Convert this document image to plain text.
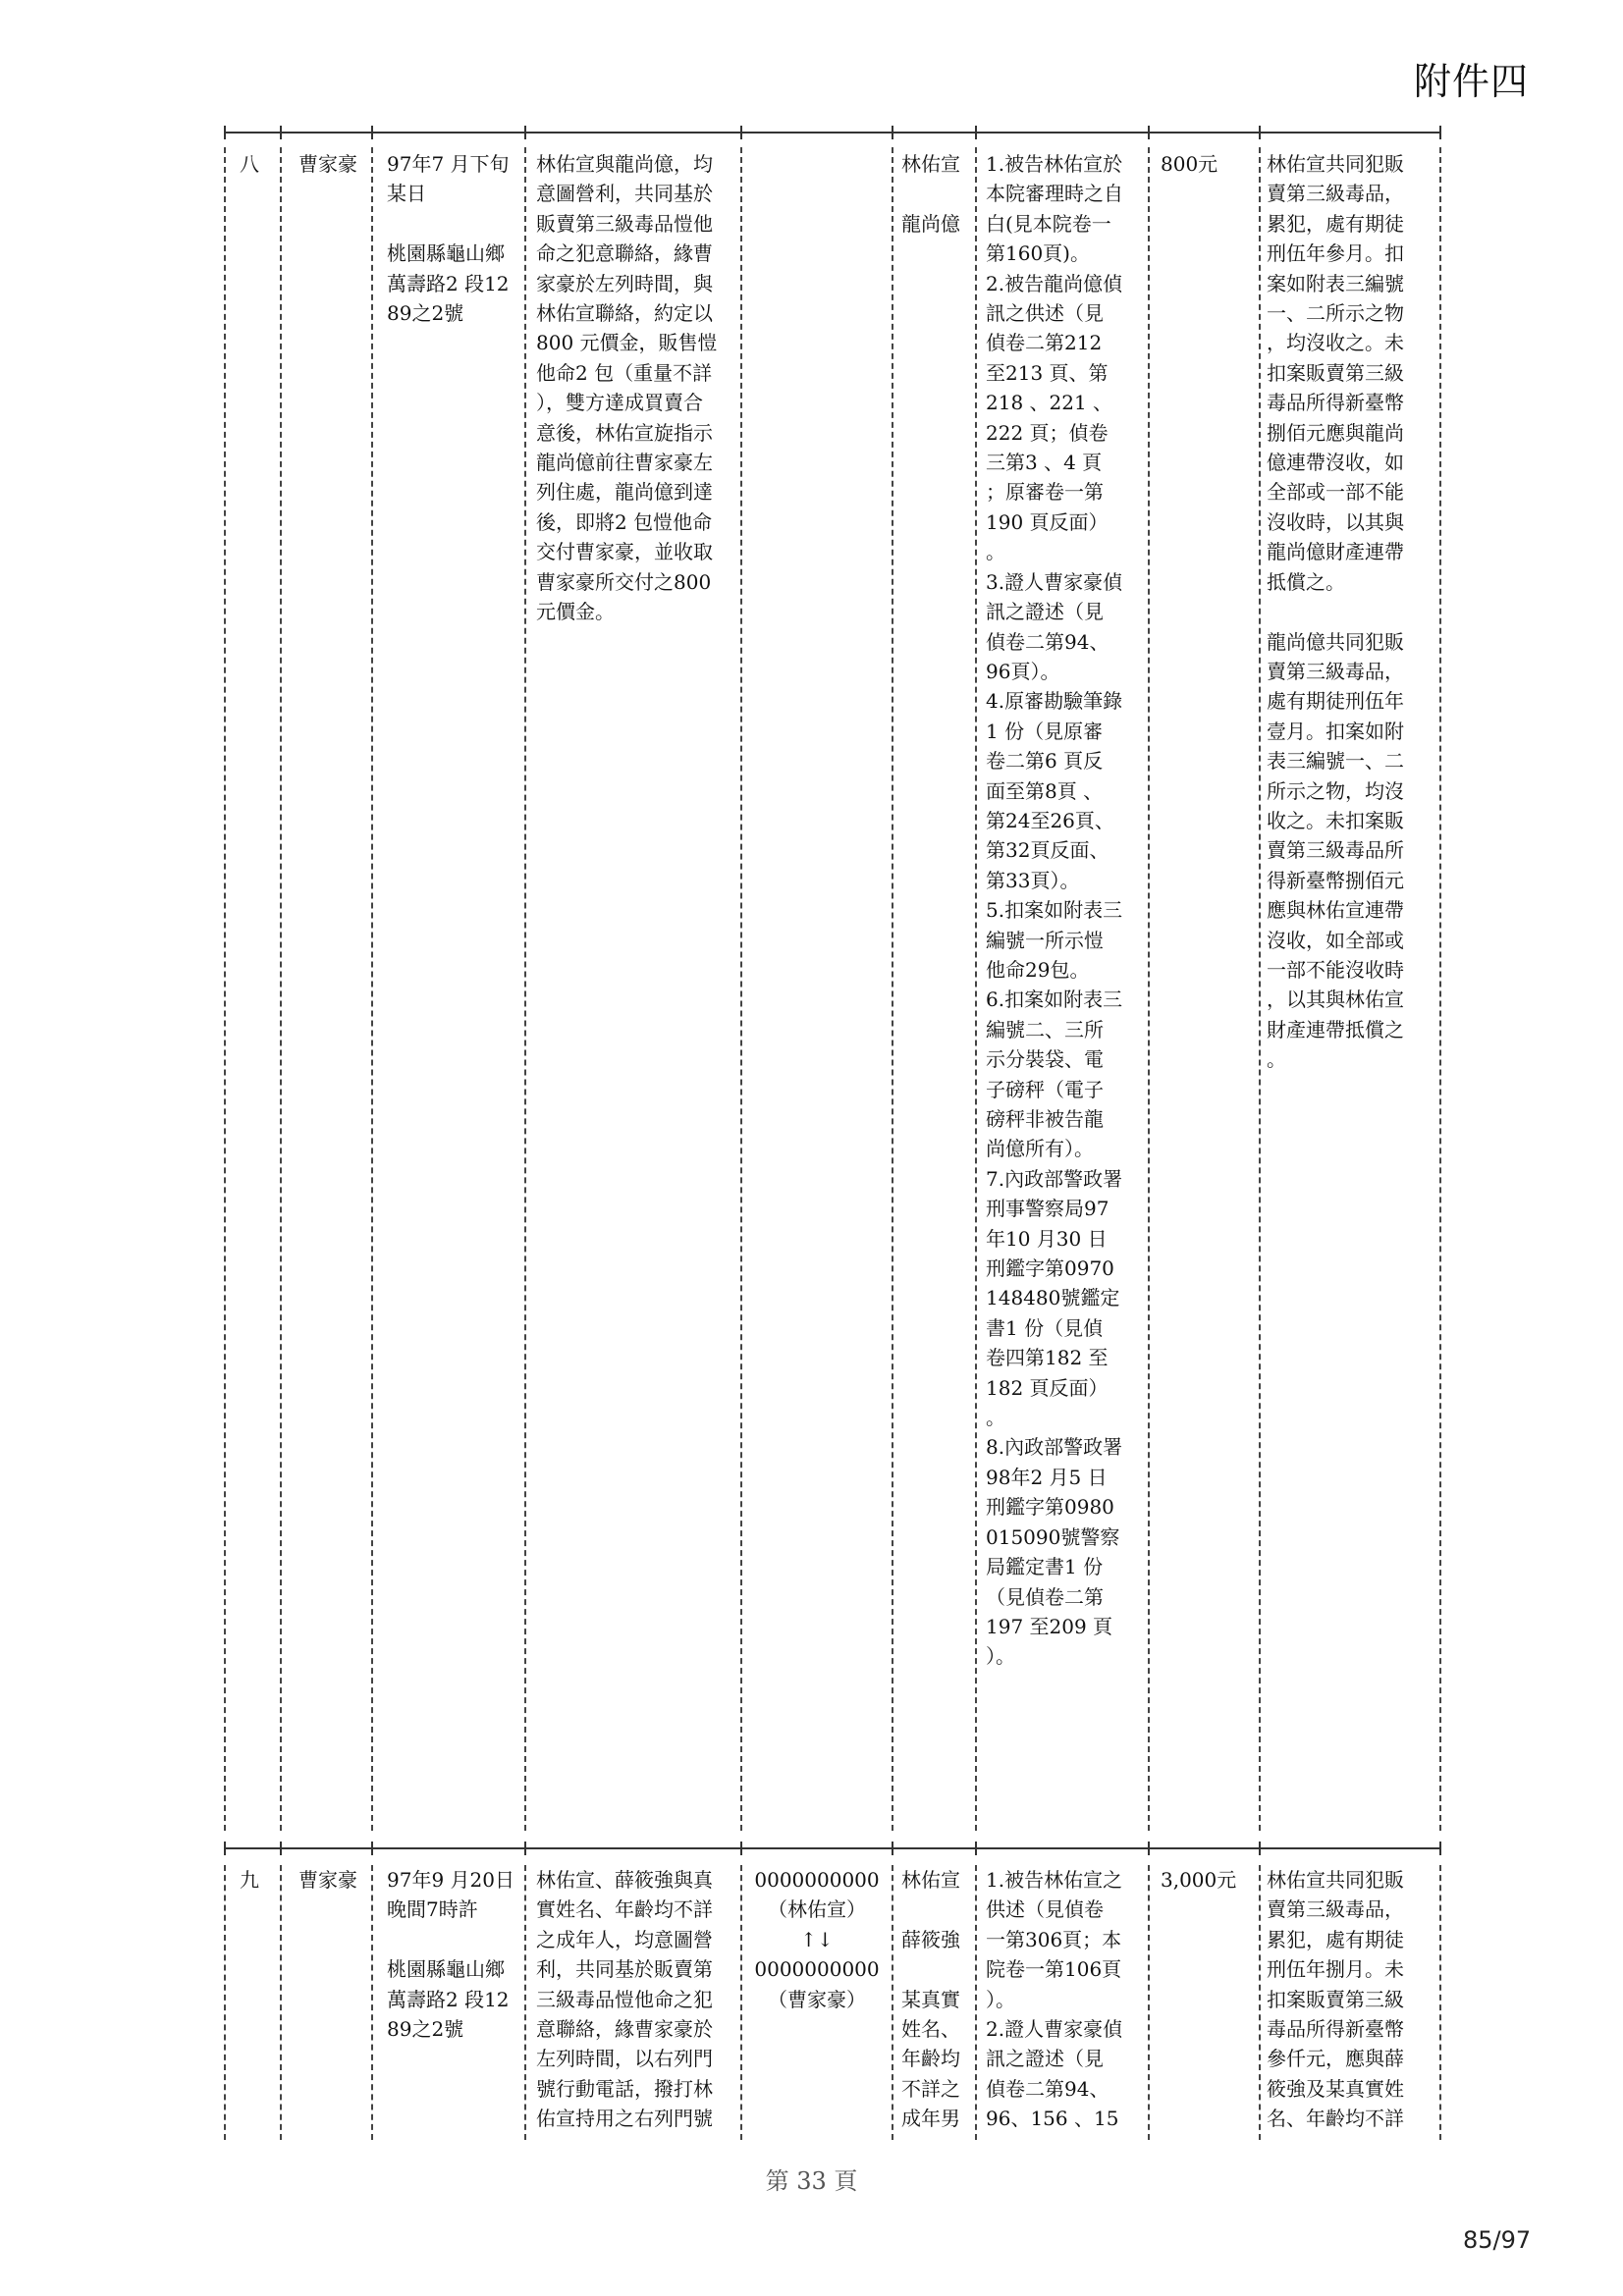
附件四
八 曹家豪 97年7 月下旬
某日

桃園縣龜山鄉
萬壽路2 段12
89之2號
林佑宣與龍尚億，均
意圖營利，共同基於
販賣第三級毒品愷他
命之犯意聯絡，緣曹
家豪於左列時間，與
林佑宣聯絡，約定以
800 元價金，販售愷
他命2 包（重量不詳
），雙方達成買賣合
意後，林佑宣旋指示
龍尚億前往曹家豪左
列住處，龍尚億到達
後，即將2 包愷他命
交付曹家豪，並收取
曹家豪所交付之800
元價金。
林佑宣

龍尚億
1.被告林佑宣於
本院審理時之自
白(見本院卷一
第160頁)。
2.被告龍尚億偵
訊之供述（見
偵卷二第212
至213 頁、第
218 、221 、
222 頁；偵卷
三第3 、4 頁
；原審卷一第
190 頁反面）
。
3.證人曹家豪偵
訊之證述（見
偵卷二第94、
96頁）。
4.原審勘驗筆錄
1 份（見原審
卷二第6 頁反
面至第8頁 、
第24至26頁、
第32頁反面、
第33頁）。
5.扣案如附表三
編號一所示愷
他命29包。
6.扣案如附表三
編號二、三所
示分裝袋、電
子磅秤（電子
磅秤非被告龍
尚億所有）。
7.內政部警政署
刑事警察局97
年10 月30 日
刑鑑字第0970
148480號鑑定
書1 份（見偵
卷四第182 至
182 頁反面）
。
8.內政部警政署
98年2 月5 日
刑鑑字第0980
015090號警察
局鑑定書1 份
（見偵卷二第
197 至209 頁
）。
800元 林佑宣共同犯販
賣第三級毒品，
累犯，處有期徒
刑伍年參月。扣
案如附表三編號
一、二所示之物
，均沒收之。未
扣案販賣第三級
毒品所得新臺幣
捌佰元應與龍尚
億連帶沒收，如
全部或一部不能
沒收時，以其與
龍尚億財產連帶
抵償之。

龍尚億共同犯販
賣第三級毒品，
處有期徒刑伍年
壹月。扣案如附
表三編號一、二
所示之物，均沒
收之。未扣案販
賣第三級毒品所
得新臺幣捌佰元
應與林佑宣連帶
沒收，如全部或
一部不能沒收時
，以其與林佑宣
財產連帶抵償之
。
九 曹家豪 97年9 月20日
晚間7時許

桃園縣龜山鄉
萬壽路2 段12
89之2號
林佑宣、薛筱強與真
實姓名、年齡均不詳
之成年人，均意圖營
利，共同基於販賣第
三級毒品愷他命之犯
意聯絡，緣曹家豪於
左列時間，以右列門
號行動電話，撥打林
佑宣持用之右列門號
0000000000
（林佑宣）
↑↓
0000000000
（曹家豪）
林佑宣

薛筱強

某真實
姓名、
年齡均
不詳之
成年男
1.被告林佑宣之
供述（見偵卷
一第306頁；本
院卷一第106頁
）。
2.證人曹家豪偵
訊之證述（見
偵卷二第94、
96、156 、15
3,000元 林佑宣共同犯販
賣第三級毒品，
累犯，處有期徒
刑伍年捌月。未
扣案販賣第三級
毒品所得新臺幣
參仟元，應與薛
筱強及某真實姓
名、年齡均不詳
第 33 頁
85/97
